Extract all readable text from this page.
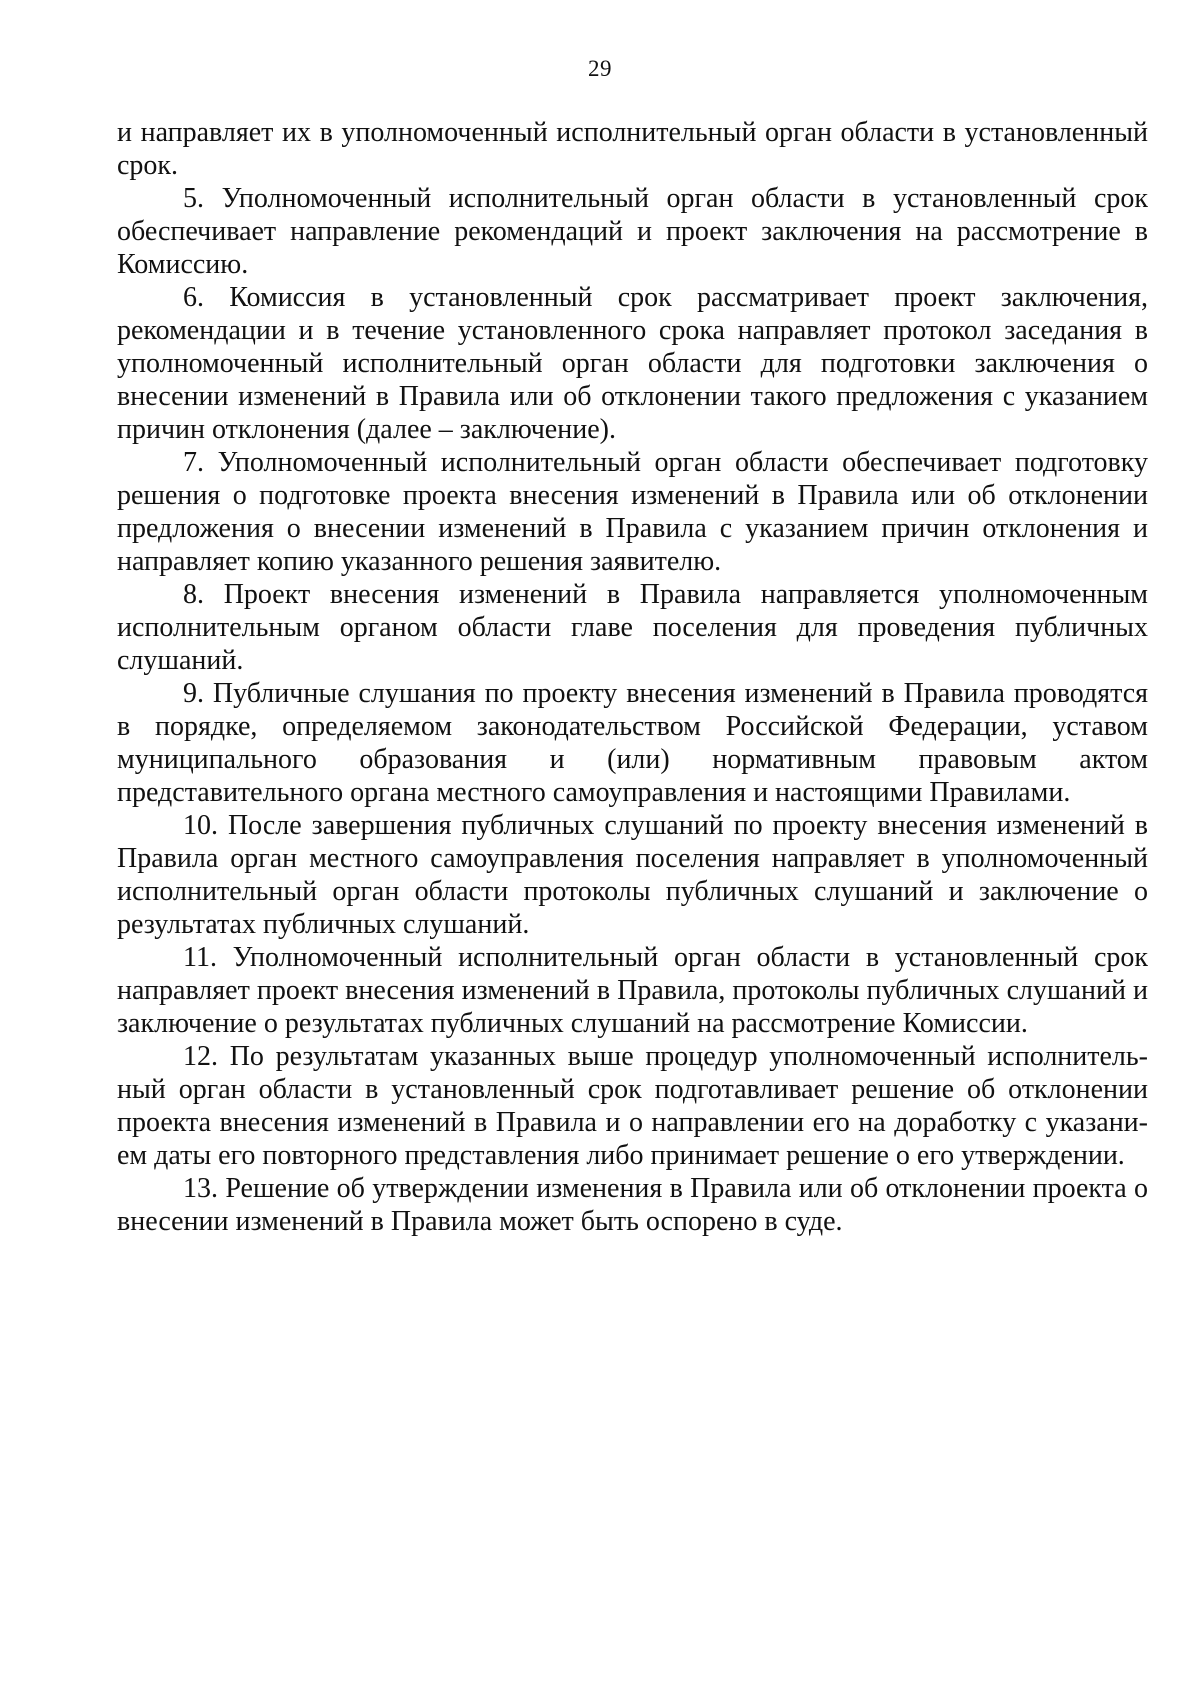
29

и направляет их в уполномоченный исполнительный орган области в установленный срок.

5. Уполномоченный исполнительный орган области в установленный срок обеспечивает направление рекомендаций и проект заключения на рассмотрение в Комиссию.

6. Комиссия в установленный срок рассматривает проект заключения, рекомендации и в течение установленного срока направляет протокол заседания в уполномоченный исполнительный орган области для подготовки заключения о внесении изменений в Правила или об отклонении такого предложения с указанием причин отклонения (далее – заключение).

7. Уполномоченный исполнительный орган области обеспечивает подготовку решения о подготовке проекта внесения изменений в Правила или об отклонении предложения о внесении изменений в Правила с указанием причин отклонения и направляет копию указанного решения заявителю.

8. Проект внесения изменений в Правила направляется уполномоченным исполнительным органом области главе поселения для проведения публичных слушаний.

9. Публичные слушания по проекту внесения изменений в Правила проводятся в порядке, определяемом законодательством Российской Федерации, уставом муниципального образования и (или) нормативным правовым актом представительного органа местного самоуправления и настоящими Правилами.

10. После завершения публичных слушаний по проекту внесения изменений в Правила орган местного самоуправления поселения направляет в уполномоченный исполнительный орган области протоколы публичных слушаний и заключение о результатах публичных слушаний.

11. Уполномоченный исполнительный орган области в установленный срок направляет проект внесения изменений в Правила, протоколы публичных слушаний и заключение о результатах публичных слушаний на рассмотрение Комиссии.

12. По результатам указанных выше процедур уполномоченный исполнитель-ный орган области в установленный срок подготавливает решение об отклонении проекта внесения изменений в Правила и о направлении его на доработку с указани-ем даты его повторного представления либо принимает решение о его утверждении.

13. Решение об утверждении изменения в Правила или об отклонении проекта о внесении изменений в Правила может быть оспорено в суде.
